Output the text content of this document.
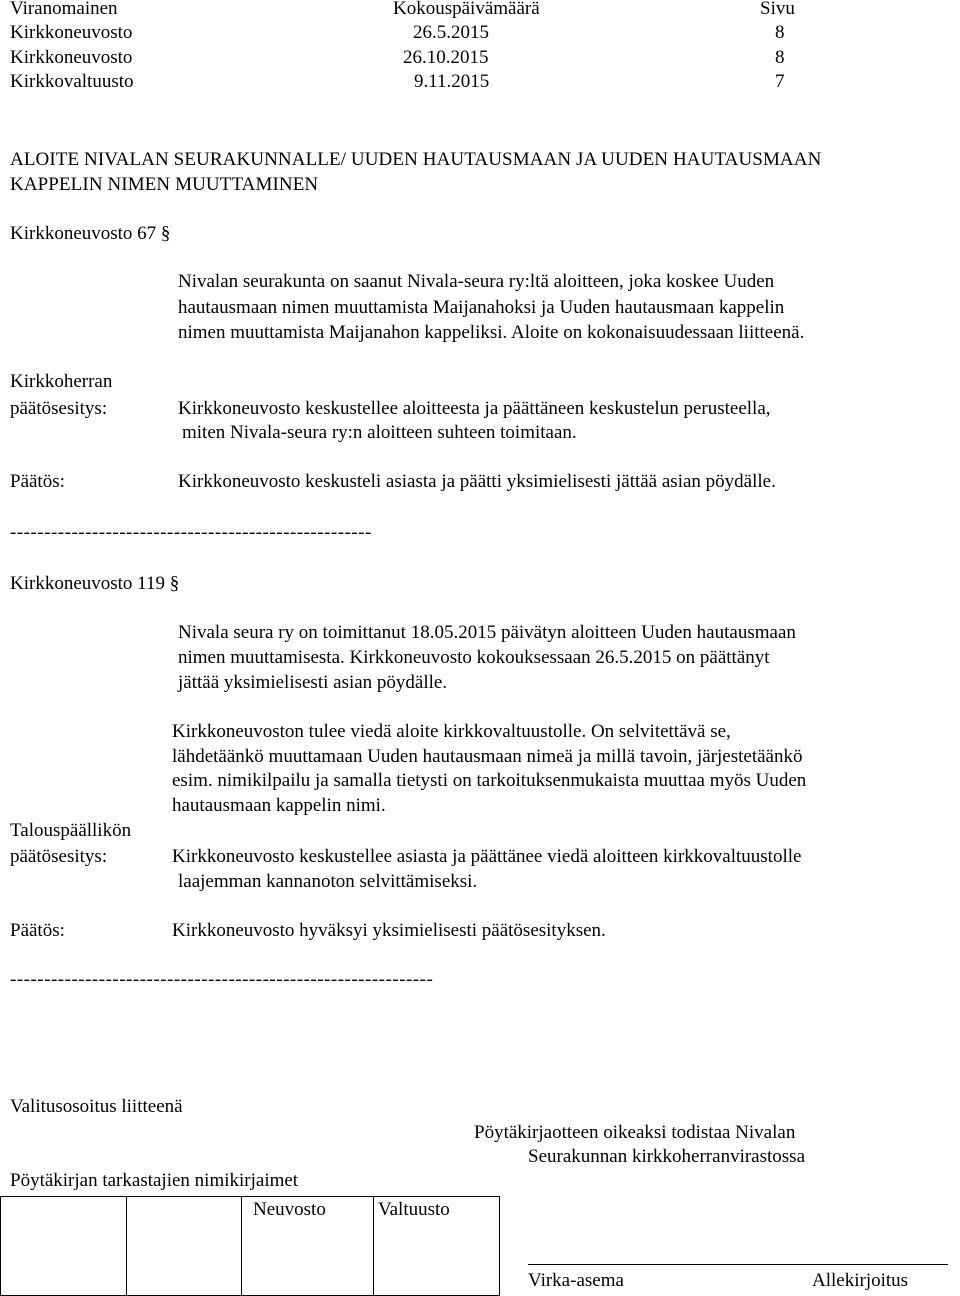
Viranomainen	Kokouspäivämäärä	Sivu
Kirkkoneuvosto	26.5.2015	8
Kirkkoneuvosto	26.10.2015	8
Kirkkovaltuusto	9.11.2015	7
ALOITE NIVALAN SEURAKUNNALLE/ UUDEN HAUTAUSMAAN JA UUDEN HAUTAUSMAAN
KAPPELIN NIMEN MUUTTAMINEN
Kirkkoneuvosto 67 §
Nivalan seurakunta on saanut Nivala-seura ry:ltä aloitteen, joka koskee Uuden
hautausmaan nimen muuttamista Maijanahoksi ja Uuden hautausmaan kappelin
nimen muuttamista Maijanahon kappeliksi. Aloite on kokonaisuudessaan liitteenä.
Kirkkoherran
päätösesitys:	Kirkkoneuvosto keskustellee aloitteesta ja päättäneen keskustelun perusteella,
miten Nivala-seura ry:n aloitteen suhteen toimitaan.
Päätös:	Kirkkoneuvosto keskusteli asiasta ja päätti yksimielisesti jättää asian pöydälle.
-----------------------------------------------------
Kirkkoneuvosto 119 §
Nivala seura ry on toimittanut 18.05.2015 päivätyn aloitteen Uuden hautausmaan
nimen muuttamisesta. Kirkkoneuvosto kokouksessaan 26.5.2015 on päättänyt
jättää yksimielisesti asian pöydälle.
Kirkkoneuvoston tulee viedä aloite kirkkovaltuustolle. On selvitettävä se,
lähdetäänkö muuttamaan Uuden hautausmaan nimeä ja millä tavoin, järjestetäänkö
esim. nimikilpailu ja samalla tietysti on tarkoituksenmukaista muuttaa myös Uuden
hautausmaan kappelin nimi.
Talouspäällikön
päätösesitys:	Kirkkoneuvosto keskustellee asiasta ja päättänee viedä aloitteen kirkkovaltuustolle
laajemman kannanoton selvittämiseksi.
Päätös:	Kirkkoneuvosto hyväksyi yksimielisesti päätösesityksen.
--------------------------------------------------------------
Valitusosoitus liitteenä
Pöytäkirjaotteen oikeaksi todistaa Nivalan
Seurakunnan kirkkoherranvirastossa
Pöytäkirjan tarkastajien nimikirjaimet

Neuvosto	Valtuusto
Virka-asema	Allekirjoitus
